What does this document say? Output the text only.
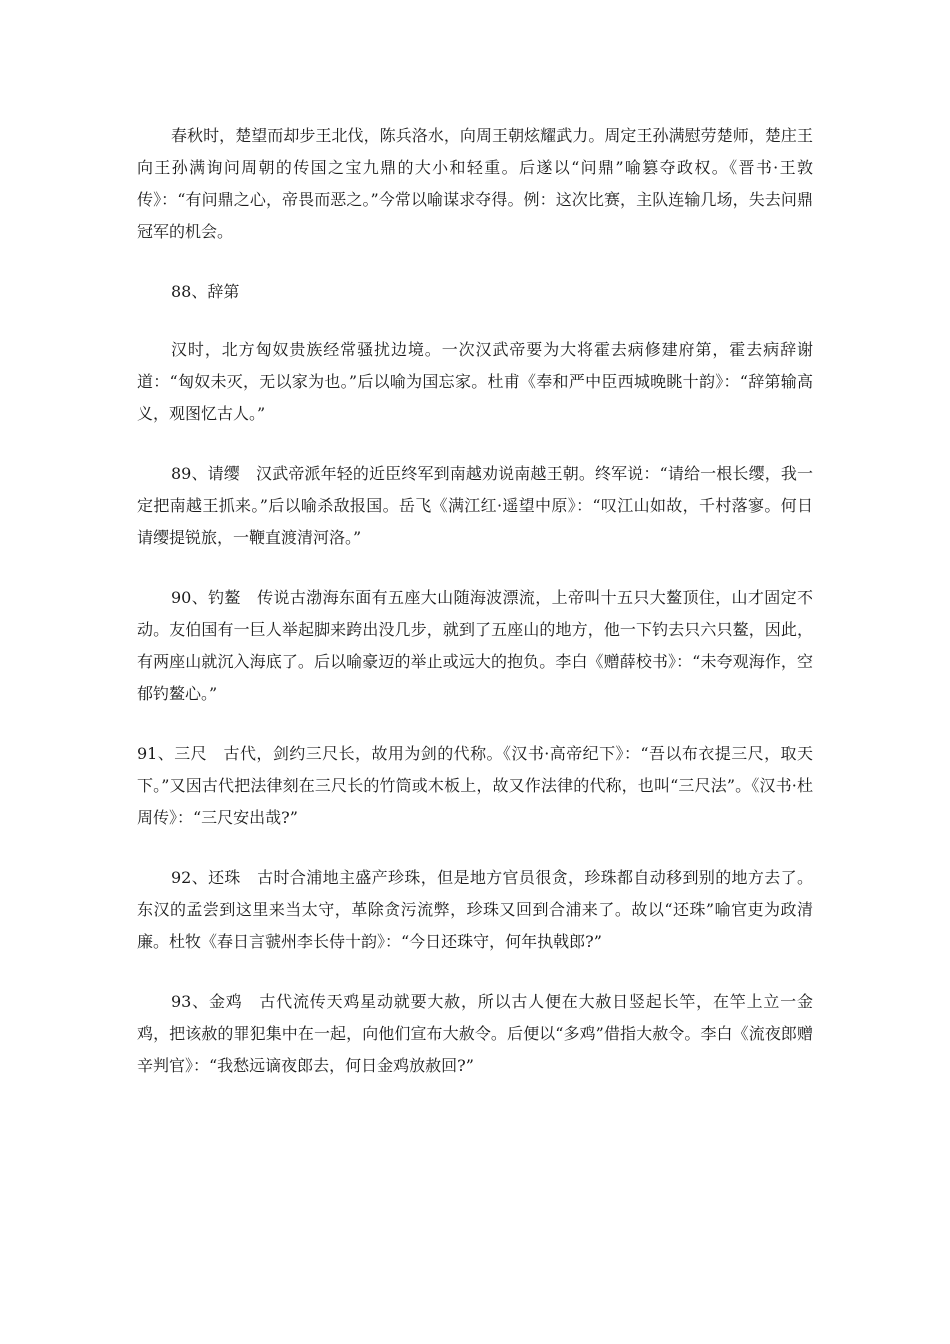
春秋时，楚望而却步王北伐，陈兵洛水，向周王朝炫耀武力。周定王孙满慰劳楚师，楚庄王向王孙满询问周朝的传国之宝九鼎的大小和轻重。后遂以“问鼎”喻篡夺政权。《晋书·王敦传》：“有问鼎之心，帝畏而恶之。”今常以喻谋求夺得。例：这次比赛，主队连输几场，失去问鼎冠军的机会。

88、辞第

汉时，北方匈奴贵族经常骚扰边境。一次汉武帝要为大将霍去病修建府第，霍去病辞谢道：“匈奴未灭，无以家为也。”后以喻为国忘家。杜甫《奉和严中臣西城晚眺十韵》：“辞第输高义，观图忆古人。”

89、请缨　汉武帝派年轻的近臣终军到南越劝说南越王朝。终军说：“请给一根长缨，我一定把南越王抓来。”后以喻杀敌报国。岳飞《满江红·遥望中原》：“叹江山如故，千村落寥。何日请缨提锐旅，一鞭直渡清河洛。”

90、钓鳌　传说古渤海东面有五座大山随海波漂流，上帝叫十五只大鳌顶住，山才固定不动。友伯国有一巨人举起脚来跨出没几步，就到了五座山的地方，他一下钓去只六只鳌，因此，有两座山就沉入海底了。后以喻豪迈的举止或远大的抱负。李白《赠薛校书》：“未夸观海作，空郁钓鳌心。”

91、三尺　古代，剑约三尺长，故用为剑的代称。《汉书·高帝纪下》：“吾以布衣提三尺，取天下。”又因古代把法律刻在三尺长的竹筒或木板上，故又作法律的代称，也叫“三尺法”。《汉书·杜周传》：“三尺安出哉?”

92、还珠　古时合浦地主盛产珍珠，但是地方官员很贪，珍珠都自动移到别的地方去了。东汉的孟尝到这里来当太守，革除贪污流弊，珍珠又回到合浦来了。故以“还珠”喻官吏为政清廉。杜牧《春日言虢州李长侍十韵》：“今日还珠守，何年执戟郎?”

93、金鸡　古代流传天鸡星动就要大赦，所以古人便在大赦日竖起长竿，在竿上立一金鸡，把该赦的罪犯集中在一起，向他们宣布大赦令。后便以“多鸡”借指大赦令。李白《流夜郎赠辛判官》：“我愁远谪夜郎去，何日金鸡放赦回?”
